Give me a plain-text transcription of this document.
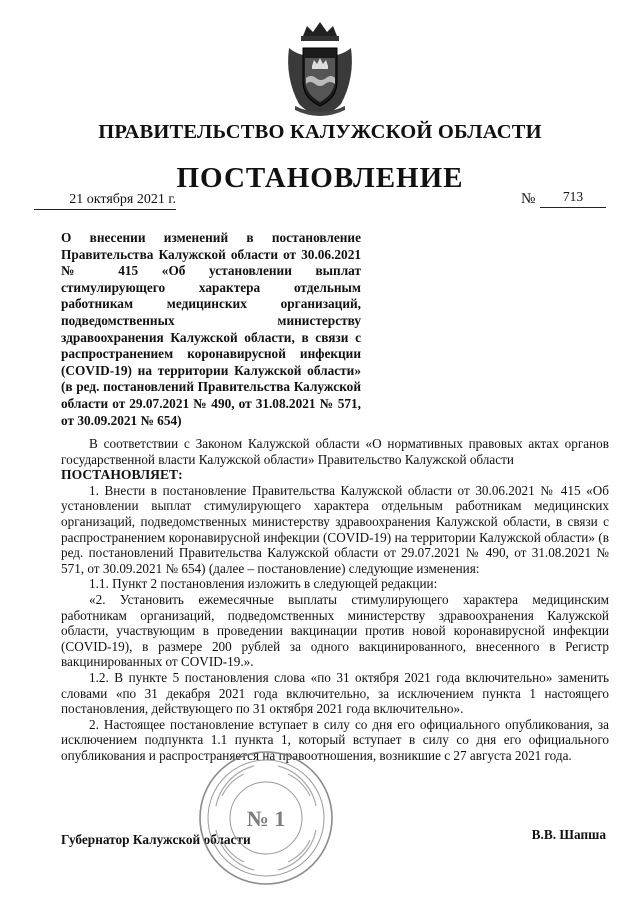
ПРАВИТЕЛЬСТВО КАЛУЖСКОЙ ОБЛАСТИ
ПОСТАНОВЛЕНИЕ
21 октября 2021 г.	№	713
О внесении изменений в постановление Правительства Калужской области от 30.06.2021 № 415 «Об установлении выплат стимулирующего характера отдельным работникам медицинских организаций, подведомственных министерству здравоохранения Калужской области, в связи с распространением коронавирусной инфекции (COVID-19) на территории Калужской области» (в ред. постановлений Правительства Калужской области от 29.07.2021 № 490, от 31.08.2021 № 571, от 30.09.2021 № 654)

В соответствии с Законом Калужской области «О нормативных правовых актах органов государственной власти Калужской области» Правительство Калужской области
ПОСТАНОВЛЯЕТ:

1. Внести в постановление Правительства Калужской области от 30.06.2021 № 415 «Об установлении выплат стимулирующего характера отдельным работникам медицинских организаций, подведомственных министерству здравоохранения Калужской области, в связи с распространением коронавирусной инфекции (COVID-19) на территории Калужской области» (в ред. постановлений Правительства Калужской области от 29.07.2021 № 490, от 31.08.2021 № 571, от 30.09.2021 № 654) (далее – постановление) следующие изменения:

1.1. Пункт 2 постановления изложить в следующей редакции:

«2. Установить ежемесячные выплаты стимулирующего характера медицинским работникам организаций, подведомственных министерству здравоохранения Калужской области, участвующим в проведении вакцинации против новой коронавирусной инфекции (COVID-19), в размере 200 рублей за одного вакцинированного, внесенного в Регистр вакцинированных от COVID-19.».

1.2. В пункте 5 постановления слова «по 31 октября 2021 года включительно» заменить словами «по 31 декабря 2021 года включительно, за исключением пункта 1 настоящего постановления, действующего по 31 октября 2021 года включительно».

2. Настоящее постановление вступает в силу со дня его официального опубликования, за исключением подпункта 1.1 пункта 1, который вступает в силу со дня его официального опубликования и распространяется на правоотношения, возникшие с 27 августа 2021 года.

Губернатор Калужской области	В.В. Шапша
№ 1
